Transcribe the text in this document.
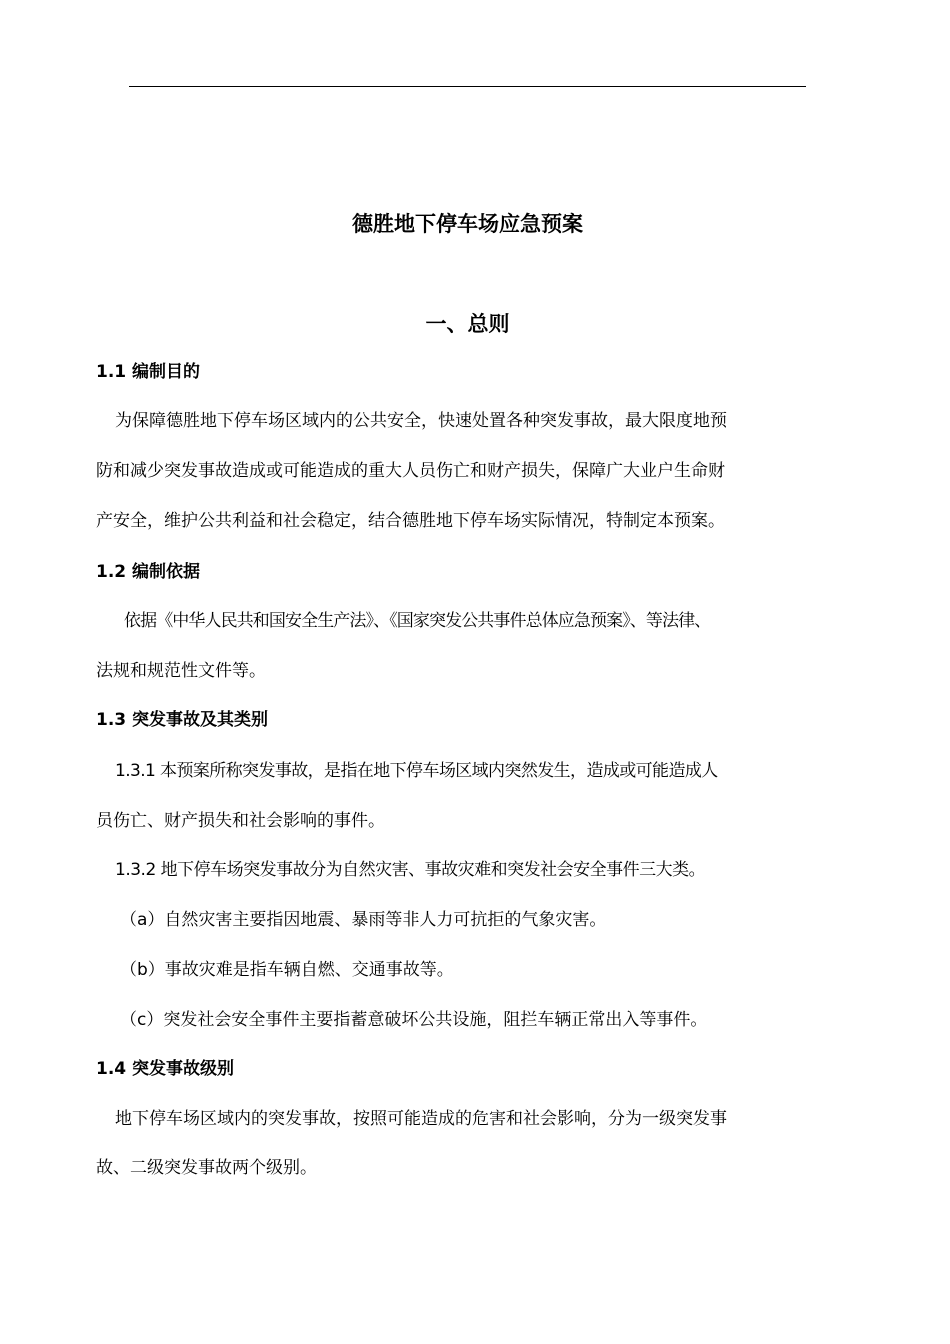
德胜地下停车场应急预案
一、总则
1.1 编制目的
为保障德胜地下停车场区域内的公共安全，快速处置各种突发事故，最大限度地预
防和减少突发事故造成或可能造成的重大人员伤亡和财产损失，保障广大业户生命财
产安全，维护公共利益和社会稳定，结合德胜地下停车场实际情况，特制定本预案。
1.2 编制依据
依据《中华人民共和国安全生产法》、《国家突发公共事件总体应急预案》、等法律、
法规和规范性文件等。
1.3 突发事故及其类别
1.3.1 本预案所称突发事故，是指在地下停车场区域内突然发生，造成或可能造成人
员伤亡、财产损失和社会影响的事件。
1.3.2 地下停车场突发事故分为自然灾害、事故灾难和突发社会安全事件三大类。
（a）自然灾害主要指因地震、暴雨等非人力可抗拒的气象灾害。
（b）事故灾难是指车辆自燃、交通事故等。
（c）突发社会安全事件主要指蓄意破坏公共设施，阻拦车辆正常出入等事件。
1.4 突发事故级别
地下停车场区域内的突发事故，按照可能造成的危害和社会影响，分为一级突发事
故、二级突发事故两个级别。
